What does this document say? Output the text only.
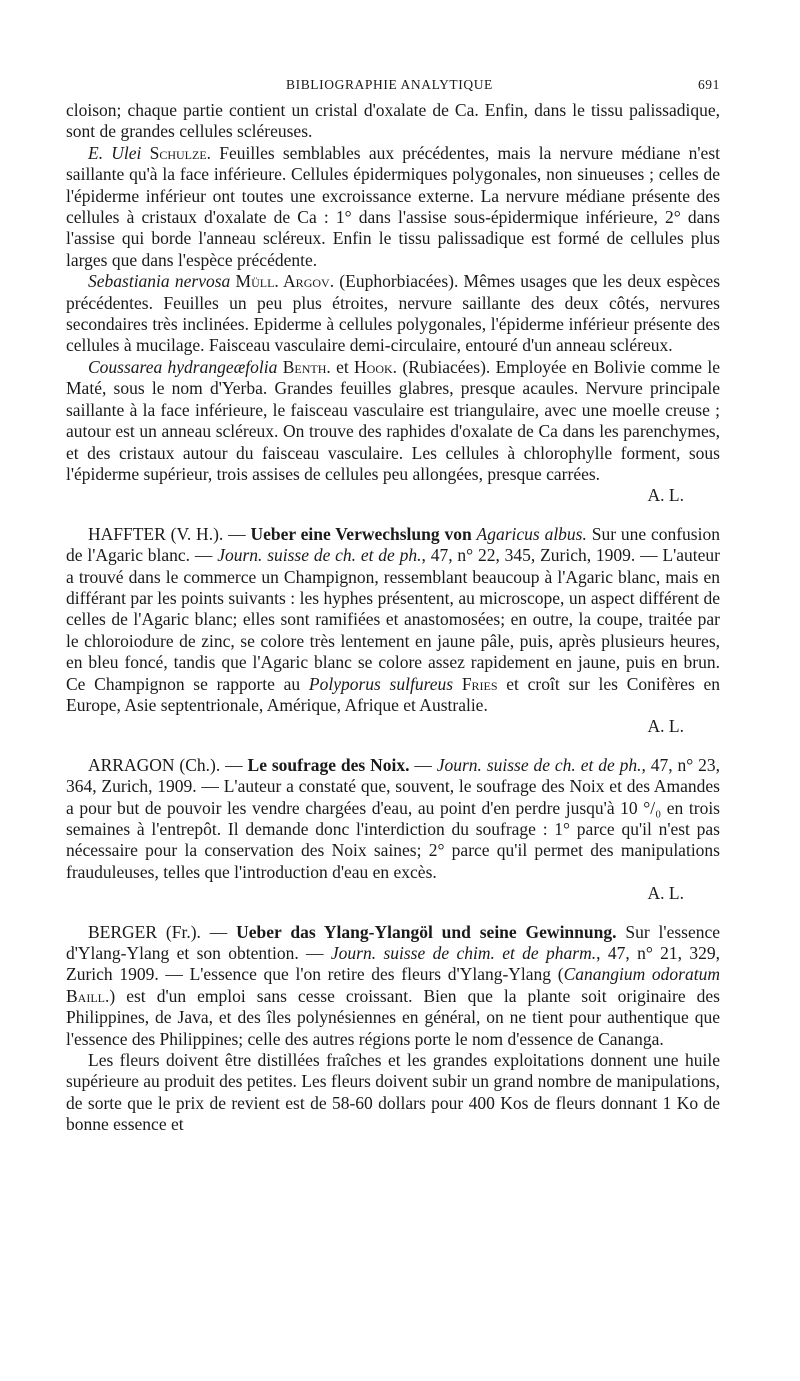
BIBLIOGRAPHIE ANALYTIQUE	691

cloison; chaque partie contient un cristal d'oxalate de Ca. Enfin, dans le tissu palissadique, sont de grandes cellules scléreuses.

E. Ulei Schulze. Feuilles semblables aux précédentes, mais la nervure médiane n'est saillante qu'à la face inférieure. Cellules épidermiques polygonales, non sinueuses ; celles de l'épiderme inférieur ont toutes une excroissance externe. La nervure médiane présente des cellules à cristaux d'oxalate de Ca : 1° dans l'assise sous-épidermique inférieure, 2° dans l'assise qui borde l'anneau scléreux. Enfin le tissu palissadique est formé de cellules plus larges que dans l'espèce précédente.

Sebastiania nervosa Müll. Argov. (Euphorbiacées). Mêmes usages que les deux espèces précédentes. Feuilles un peu plus étroites, nervure saillante des deux côtés, nervures secondaires très inclinées. Epiderme à cellules polygonales, l'épiderme inférieur présente des cellules à mucilage. Faisceau vasculaire demi-circulaire, entouré d'un anneau scléreux.

Coussarea hydrangeæfolia Benth. et Hook. (Rubiacées). Employée en Bolivie comme le Maté, sous le nom d'Yerba. Grandes feuilles glabres, presque acaules. Nervure principale saillante à la face inférieure, le faisceau vasculaire est triangulaire, avec une moelle creuse ; autour est un anneau scléreux. On trouve des raphides d'oxalate de Ca dans les parenchymes, et des cristaux autour du faisceau vasculaire. Les cellules à chlorophylle forment, sous l'épiderme supérieur, trois assises de cellules peu allongées, presque carrées.

A. L.

HAFFTER (V. H.). — Ueber eine Verwechslung von Agaricus albus. Sur une confusion de l'Agaric blanc. — Journ. suisse de ch. et de ph., 47, n° 22, 345, Zurich, 1909. — L'auteur a trouvé dans le commerce un Champignon, ressemblant beaucoup à l'Agaric blanc, mais en différant par les points suivants : les hyphes présentent, au microscope, un aspect différent de celles de l'Agaric blanc; elles sont ramifiées et anastomosées; en outre, la coupe, traitée par le chloroiodure de zinc, se colore très lentement en jaune pâle, puis, après plusieurs heures, en bleu foncé, tandis que l'Agaric blanc se colore assez rapidement en jaune, puis en brun. Ce Champignon se rapporte au Polyporus sulfureus Fries et croît sur les Conifères en Europe, Asie septentrionale, Amérique, Afrique et Australie.

A. L.

ARRAGON (Ch.). — Le soufrage des Noix. — Journ. suisse de ch. et de ph., 47, n° 23, 364, Zurich, 1909. — L'auteur a constaté que, souvent, le soufrage des Noix et des Amandes a pour but de pouvoir les vendre chargées d'eau, au point d'en perdre jusqu'à 10 °/₀ en trois semaines à l'entrepôt. Il demande donc l'interdiction du soufrage : 1° parce qu'il n'est pas nécessaire pour la conservation des Noix saines; 2° parce qu'il permet des manipulations frauduleuses, telles que l'introduction d'eau en excès.

A. L.

BERGER (Fr.). — Ueber das Ylang-Ylangöl und seine Gewinnung. Sur l'essence d'Ylang-Ylang et son obtention. — Journ. suisse de chim. et de pharm., 47, n° 21, 329, Zurich 1909. — L'essence que l'on retire des fleurs d'Ylang-Ylang (Canangium odoratum Baill.) est d'un emploi sans cesse croissant. Bien que la plante soit originaire des Philippines, de Java, et des îles polynésiennes en général, on ne tient pour authentique que l'essence des Philippines; celle des autres régions porte le nom d'essence de Cananga.

Les fleurs doivent être distillées fraîches et les grandes exploitations donnent une huile supérieure au produit des petites. Les fleurs doivent subir un grand nombre de manipulations, de sorte que le prix de revient est de 58-60 dollars pour 400 Kos de fleurs donnant 1 Ko de bonne essence et
